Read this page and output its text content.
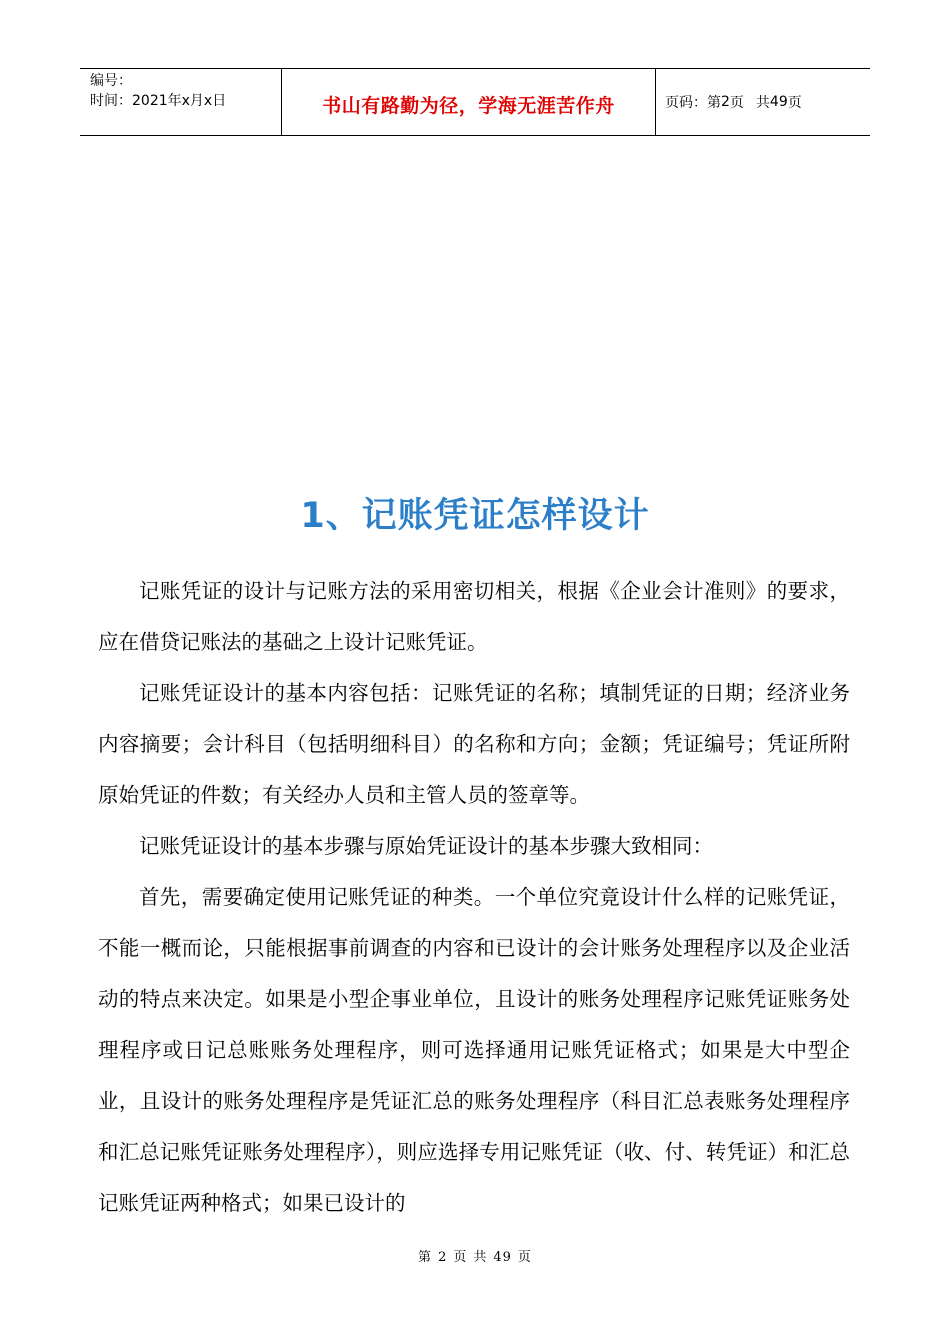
编号：
时间：2021年x月x日	书山有路勤为径，学海无涯苦作舟	页码：第 2 页 共 49 页
1、记账凭证怎样设计

记账凭证的设计与记账方法的采用密切相关，根据《企业会计准则》的要求，应在借贷记账法的基础之上设计记账凭证。

记账凭证设计的基本内容包括：记账凭证的名称；填制凭证的日期；经济业务内容摘要；会计科目（包括明细科目）的名称和方向；金额；凭证编号；凭证所附原始凭证的件数；有关经办人员和主管人员的签章等。

记账凭证设计的基本步骤与原始凭证设计的基本步骤大致相同：

首先，需要确定使用记账凭证的种类。一个单位究竟设计什么样的记账凭证，不能一概而论，只能根据事前调查的内容和已设计的会计账务处理程序以及企业活动的特点来决定。如果是小型企事业单位，且设计的账务处理程序记账凭证账务处理程序或日记总账账务处理程序，则可选择通用记账凭证格式；如果是大中型企业，且设计的账务处理程序是凭证汇总的账务处理程序（科目汇总表账务处理程序和汇总记账凭证账务处理程序），则应选择专用记账凭证（收、付、转凭证）和汇总记账凭证两种格式；如果已设计的

第 2 页 共 49 页
